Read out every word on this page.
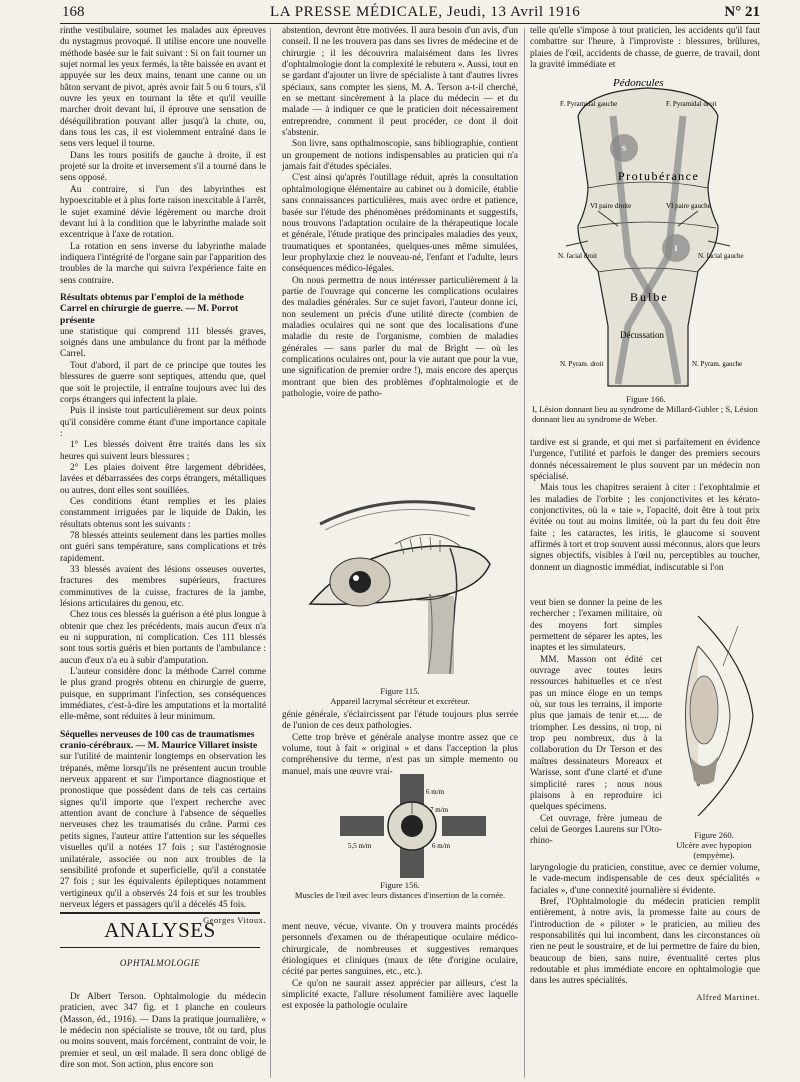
168	LA PRESSE MÉDICALE, Jeudi, 13 Avril 1916	N° 21

rinthe vestibulaire, soumet les malades aux épreuves du nystagmus provoqué. Il utilise encore une nouvelle méthode basée sur le fait suivant : Si on fait tourner un sujet normal les yeux fermés, la tête baissée en avant et appuyée sur les deux mains, tenant une canne ou un bâton servant de pivot, après avoir fait 5 ou 6 tours, s'il ouvre les yeux en tournant la tête et qu'il veuille marcher droit devant lui, il éprouve une sensation de déséquilibration pouvant aller jusqu'à la chute, ou, dans tous les cas, il est violemment entraîné dans le sens vers lequel il tourne.

Dans les tours positifs de gauche à droite, il est projeté sur la droite et inversement s'il a tourné dans le sens opposé.

Au contraire, si l'un des labyrinthes est hypoexcitable et à plus forte raison inexcitable à l'arrêt, le sujet examiné dévie légèrement ou marche droit devant lui à la condition que le labyrinthe malade soit excentrique à l'axe de rotation.

La rotation en sens inverse du labyrinthe malade indiquera l'intégrité de l'organe sain par l'apparition des troubles de la marche qui suivra l'expérience faite en sens contraire.

Résultats obtenus par l'emploi de la méthode Carrel en chirurgie de guerre. — M. Porrot présente

une statistique qui comprend 111 blessés graves, soignés dans une ambulance du front par la méthode Carrel.

Tout d'abord, il part de ce principe que toutes les blessures de guerre sont septiques, attendu que, quel que soit le projectile, il entraîne toujours avec lui des corps étrangers qui infectent la plaie.

Puis il insiste tout particulièrement sur deux points qu'il considère comme étant d'une importance capitale :

1° Les blessés doivent être traités dans les six heures qui suivent leurs blessures ;

2° Les plaies doivent être largement débridées, lavées et débarrassées des corps étrangers, métalliques ou autres, dont elles sont souillées.

Ces conditions étant remplies et les plaies constamment irriguées par le liquide de Dakin, les résultats obtenus sont les suivants :

78 blessés atteints seulement dans les parties molles ont guéri sans température, sans complications et très rapidement.

33 blessés avaient des lésions osseuses ouvertes, fractures des membres supérieurs, fractures comminutives de la cuisse, fractures de la jambe, lésions articulaires du genou, etc.

Chez tous ces blessés la guérison a été plus longue à obtenir que chez les précédents, mais aucun d'eux n'a eu ni suppuration, ni complication. Ces 111 blessés sont tous sortis guéris et bien portants de l'ambulance : aucun d'eux n'a eu à subir d'amputation.

L'auteur considère donc la méthode Carrel comme le plus grand progrès obtenu en chirurgie de guerre, puisque, en supprimant l'infection, ses conséquences immédiates, c'est-à-dire les amputations et la mortalité elle-même, sont réduites à leur minimum.

Séquelles nerveuses de 100 cas de traumatismes cranio-cérébraux. — M. Maurice Villaret insiste

sur l'utilité de maintenir longtemps en observation les trépanés, même lorsqu'ils ne présentent aucun trouble nerveux apparent et sur l'importance diagnostique et pronostique que possèdent dans de tels cas certains signes qu'il importe que l'expert recherche avec attention avant de conclure à l'absence de séquelles nerveuses chez les traumatisés du crâne. Parmi ces petits signes, l'auteur attire l'attention sur les séquelles visuelles qu'il a notées 17 fois ; sur l'astérognosie unilatérale, associée ou non aux troubles de la sensibilité profonde et superficielle, qu'il a constatée 27 fois ; sur les équivalents épileptiques notamment vertigineux qu'il a observés 24 fois et sur les troubles nerveux légers et passagers qu'il a décelés 45 fois.

Georges Vitoux.
ANALYSES
OPHTALMOLOGIE

Dr Albert Terson. Ophtalmologie du médecin praticien, avec 347 fig. et 1 planche en couleurs (Masson, éd., 1916). — Dans la pratique journalière, « le médecin non spécialiste se trouve, tôt ou tard, plus ou moins souvent, mais forcément, contraint de voir, le premier et seul, un œil malade. Il sera donc obligé de dire son mot. Son action, plus encore son

abstention, devront être motivées. Il aura besoin d'un avis, d'un conseil. Il ne les trouvera pas dans ses livres de médecine et de chirurgie ; il les découvrira malaisément dans les livres d'ophtalmologie dont la complexité le rebutera ». Aussi, tout en se gardant d'ajouter un livre de spécialiste à tant d'autres livres spéciaux, sans compter les siens, M. A. Terson a-t-il cherché, en se mettant sincèrement à la place du médecin — et du malade — à indiquer ce que le praticien doit nécessairement entreprendre, comment il peut procéder, ce dont il doit s'abstenir.

Son livre, sans opthalmoscopie, sans bibliographie, contient un groupement de notions indispensables au praticien qui n'a jamais fait d'études spéciales.

C'est ainsi qu'après l'outillage réduit, après la consultation ophtalmologique élémentaire au cabinet ou à domicile, établie sans connaissances particulières, mais avec ordre et patience, basée sur l'étude des phénomènes prédominants et suggestifs, nous trouvons l'adaptation oculaire de la thérapeutique locale et générale, l'étude pratique des principales maladies des yeux, traumatiques et spontanées, quelques-unes même simulées, leur prophylaxie chez le nouveau-né, l'enfant et l'adulte, leurs conséquences médico-légales.

On nous permettra de nous intéresser particulièrement à la partie de l'ouvrage qui concerne les complications oculaires des maladies générales. Sur ce sujet favori, l'auteur donne ici, non seulement un précis d'une utilité directe (combien de maladies oculaires qui ne sont que des localisations d'une maladie du reste de l'organisme, combien de maladies générales — sans parler du mal de Bright — où les complications oculaires ont, pour la vie autant que pour la vue, une signification de premier ordre !), mais encore des aperçus montrant que bien des problèmes d'ophtalmologie et de pathologie, voire de patho-

Figure 115.
Appareil lacrymal sécréteur et excréteur.

génie générale, s'éclaircissent par l'étude toujours plus serrée de l'union de ces deux pathologies.

Cette trop brève et générale analyse montre assez que ce volume, tout à fait « original » et dans l'acception la plus compréhensive du terme, n'est pas un simple memento ou manuel, mais une œuvre vrai-

6 m/m
7 m/m
6 m/m
5,5 m/m
Figure 156.
Muscles de l'œil avec leurs distances d'insertion de la cornée.

ment neuve, vécue, vivante. On y trouvera maints procédés personnels d'examen ou de thérapeutique oculaire médico-chirurgicale, de nombreuses et suggestives remarques étiologiques et cliniques (maux de tête d'origine oculaire, cécité par pertes sanguines, etc., etc.).

Ce qu'on ne saurait assez apprécier par ailleurs, c'est la simplicité exacte, l'allure résolument familière avec laquelle est exposée la pathologie oculaire

telle qu'elle s'impose à tout praticien, les accidents qu'il faut combattre sur l'heure, à l'improviste : blessures, brûlures, plaies de l'œil, accidents de chasse, de guerre, de travail, dont la gravité immédiate et

Pédoncules
F. Pyramidal gauche	F. Pyramidal droit
Protubérance
VI paire droite	VI paire gauche
N. facial droit	N. facial gauche
S
I
Bulbe
Décussation
N. Pyram. droit	N. Pyram. gauche
Figure 166.
I, Lésion donnant lieu au syndrome de Millard-Gubler ; S, Lésion donnant lieu au syndrome de Weber.

tardive est si grande, et qui met si parfaitement en évidence l'urgence, l'utilité et parfois le danger des premiers secours donnés nécessairement le plus souvent par un médecin non spécialisé.

Mais tous les chapitres seraient à citer : l'exophtalmie et les maladies de l'orbite ; les conjonctivites et les kérato-conjonctivites, où la « taie », l'opacité, doit être à tout prix évitée ou tout au moins limitée, où la part du feu doit être faite ; les cataractes, les iritis, le glaucome si souvent affirmés à tort et trop souvent aussi méconnus, alors que leurs signes objectifs, visibles à l'œil nu, perceptibles au toucher, donnent un diagnostic immédiat, indiscutable si l'on

veut bien se donner la peine de les rechercher ; l'examen militaire, où des moyens fort simples permettent de séparer les aptes, les inaptes et les simulateurs.

MM. Masson ont édité cet ouvrage avec toutes leurs ressources habituelles et ce n'est pas un mince éloge en un temps où, sur tous les terrains, il importe plus que jamais de tenir et..... de triompher. Les dessins, ni trop, ni trop peu nombreux, dus à la collaboration du Dr Terson et des maîtres dessinateurs Moreaux et Warisse, sont d'une clarté et d'une simplicité rares ; nous nous plaisons à en reproduire ici quelques spécimens.

Cet ouvrage, frère jumeau de celui de Georges Laurens sur l'Oto-rhino-

Figure 260.
Ulcère avec hypopion (empyème).

laryngologie du praticien, constitue, avec ce dernier volume, le vade-mecum indispensable de ces deux spécialités « faciales », d'une connexité journalière si évidente.

Bref, l'Ophtalmologie du médecin praticien remplit entièrement, à notre avis, la promesse faite au cours de l'introduction de « piloter » le praticien, au milieu des responsabilités qui lui incombent, dans les circonstances où rien ne peut le soustraire, et de lui permettre de faire du bien, beaucoup de bien, sans nuire, éventualité certes plus redoutable et plus immédiate encore en ophtalmologie que dans les autres spécialités.

Alfred Martinet.
